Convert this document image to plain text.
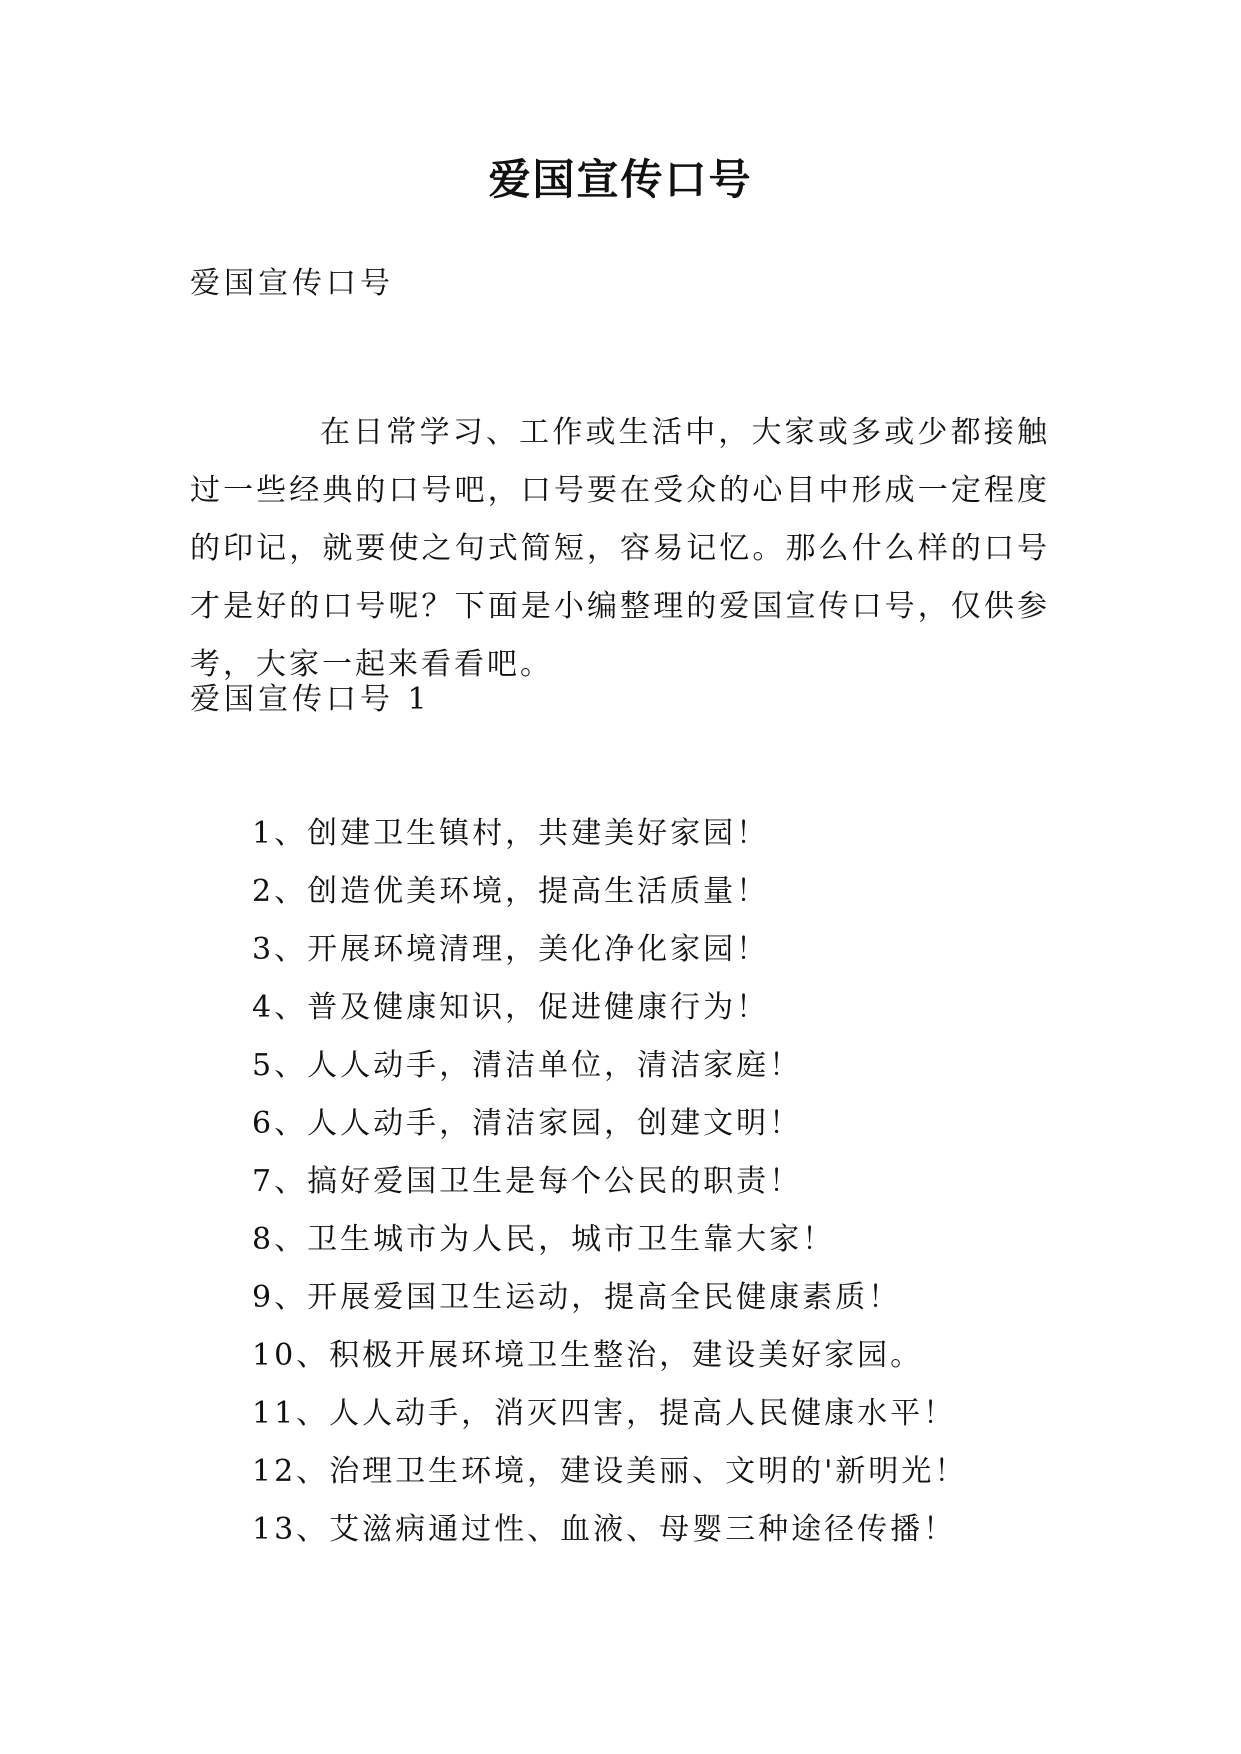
爱国宣传口号
爱国宣传口号

在日常学习、工作或生活中，大家或多或少都接触过一些经典的口号吧，口号要在受众的心目中形成一定程度的印记，就要使之句式简短，容易记忆。那么什么样的口号才是好的口号呢？下面是小编整理的爱国宣传口号，仅供参考，大家一起来看看吧。

爱国宣传口号 1
1、创建卫生镇村，共建美好家园！
2、创造优美环境，提高生活质量！
3、开展环境清理，美化净化家园！
4、普及健康知识，促进健康行为！
5、人人动手，清洁单位，清洁家庭！
6、人人动手，清洁家园，创建文明！
7、搞好爱国卫生是每个公民的职责！
8、卫生城市为人民，城市卫生靠大家！
9、开展爱国卫生运动，提高全民健康素质！
10、积极开展环境卫生整治，建设美好家园。
11、人人动手，消灭四害，提高人民健康水平！
12、治理卫生环境，建设美丽、文明的'新明光！
13、艾滋病通过性、血液、母婴三种途径传播！
